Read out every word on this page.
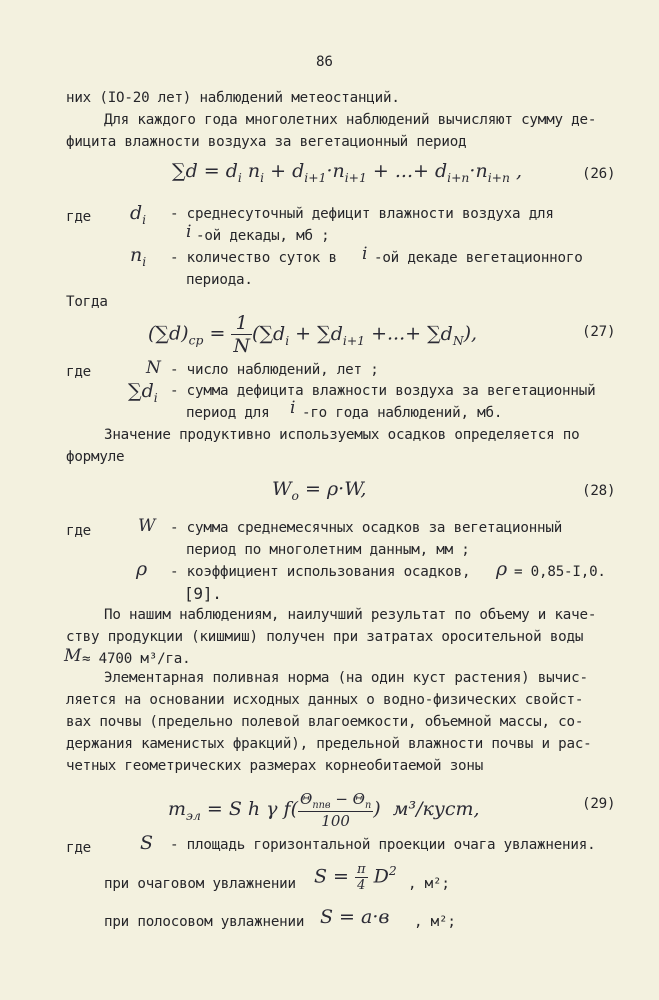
86
них (IO-20 лет) наблюдений метеостанций.
Для каждого года многолетних наблюдений вычисляют сумму де-
фицита влажности воздуха за вегетационный период
$\sum d = d_i$ $n_i + d_{i+1}\cdot n_{i+1}$ + ...+ $d_{i+n}\cdot n_{i+n}$ ,	(26)
где $d_i$ - среднесуточный дефицит влажности воздуха для
i -ой декады, мб ;
$n_i$ - количество суток в i -ой декаде вегетационного
периода.
Тогда
$(\sum d)_{cp} = \frac{1}{N} (\sum d_i + \sum d_{i+1}$ +...+ $\sum d_N$),	(27)
где	N - число наблюдений, лет ;
$\sum d_i$ - сумма дефицита влажности воздуха за вегетационный
период для i -го года наблюдений, мб.
Значение продуктивно используемых осадков определяется по
формуле
$W_o = \rho\cdot W$,	(28)
где	W - сумма среднемесячных осадков за вегетационный
период по многолетним данным, мм ;
ρ - коэффициент использования осадков, ρ = 0,85-I,0.
[9].
По нашим наблюдениям, наилучший результат по объему и каче-
ству продукции (кишмиш) получен при затратах оросительной воды
M ≈ 4700 м³/га.
Элементарная поливная норма (на один куст растения) вычис-
ляется на основании исходных данных о водно-физических свойст-
вах почвы (предельно полевой влагоемкости, объемной массы, со-
держания каменистых фракций), предельной влажности почвы и рас-
четных геометрических размерах корнеобитаемой зоны
$m_{эл} = S$ h γ $f( \frac{\Theta_{ппв} - \Theta_п}{100}$ )  м³/куст,	(29)
где	S - площадь горизонтальной проекции очага увлажнения.
при очаговом увлажнении $S = \frac{\pi}{4} D^2$
, м²;
при полосовом увлажнении S = a·в , м²;
